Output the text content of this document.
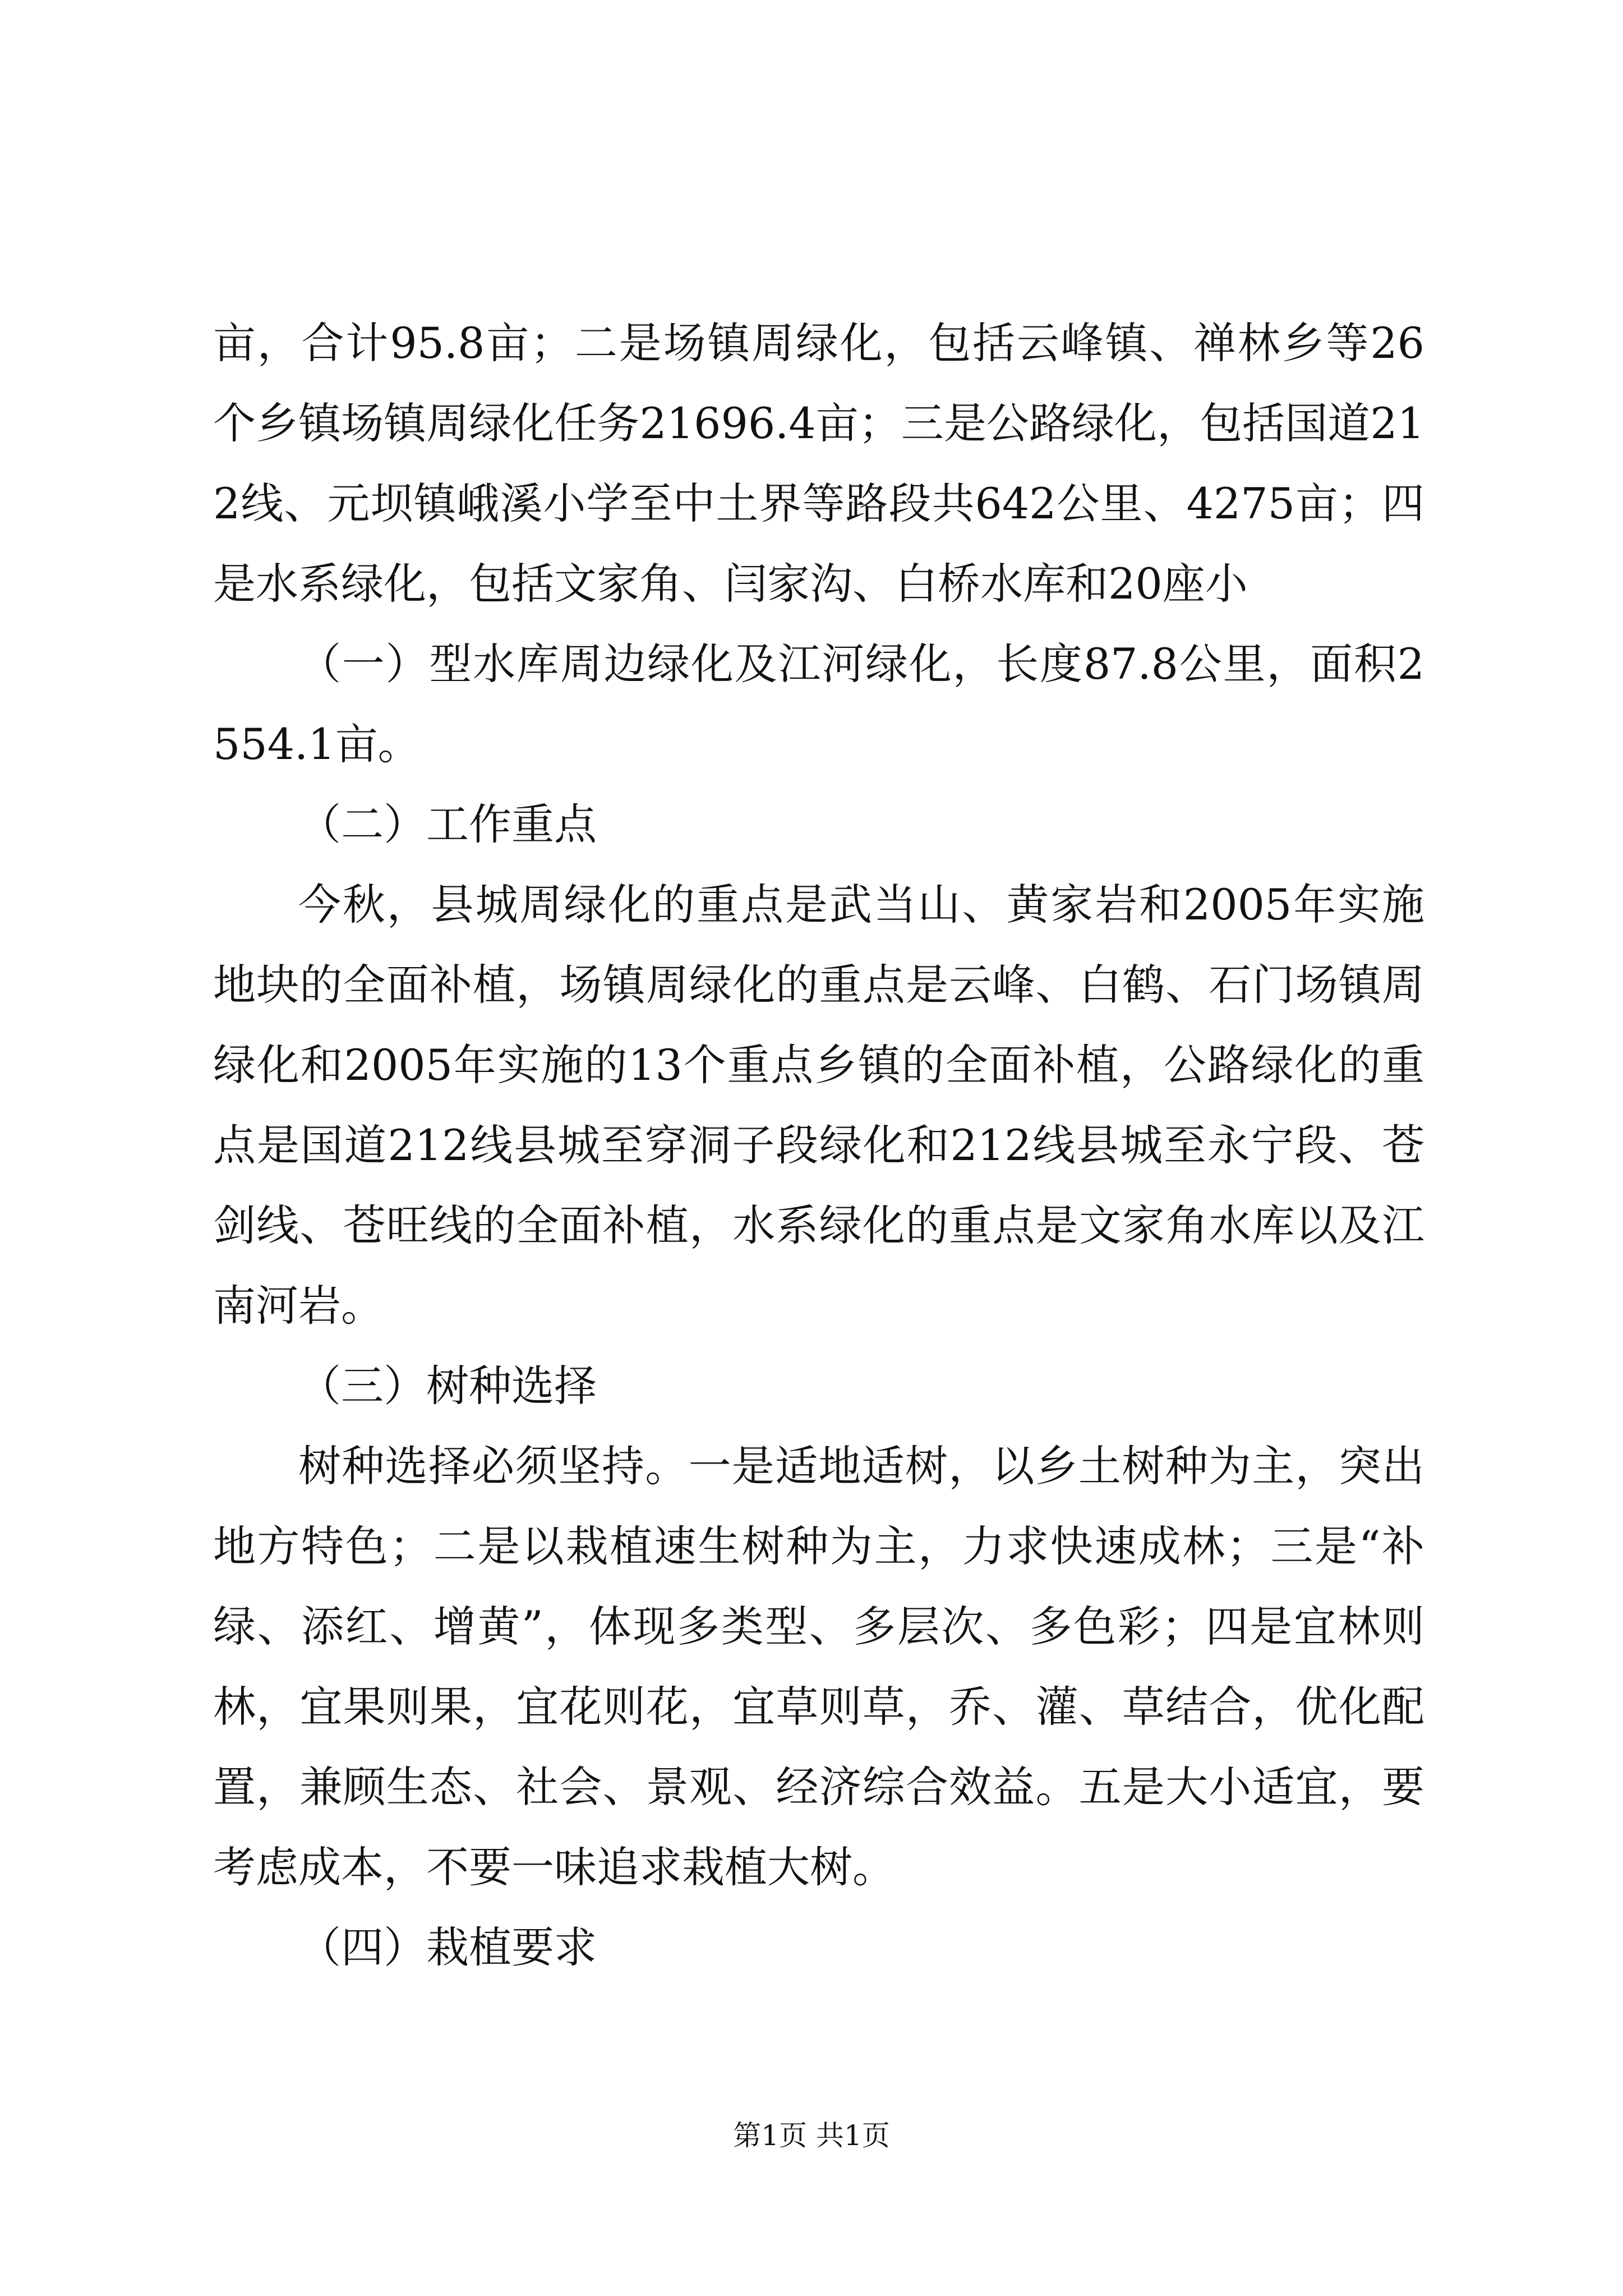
亩，合计95.8亩；二是场镇周绿化，包括云峰镇、禅林乡等26个乡镇场镇周绿化任务21696.4亩；三是公路绿化，包括国道212线、元坝镇峨溪小学至中土界等路段共642公里、4275亩；四是水系绿化，包括文家角、闫家沟、白桥水库和20座小

（一）型水库周边绿化及江河绿化，长度87.8公里，面积2554.1亩。

（二）工作重点

今秋，县城周绿化的重点是武当山、黄家岩和2005年实施地块的全面补植，场镇周绿化的重点是云峰、白鹤、石门场镇周绿化和2005年实施的13个重点乡镇的全面补植，公路绿化的重点是国道212线县城至穿洞子段绿化和212线县城至永宁段、苍剑线、苍旺线的全面补植，水系绿化的重点是文家角水库以及江南河岩。

（三）树种选择

树种选择必须坚持。一是适地适树，以乡土树种为主，突出地方特色；二是以栽植速生树种为主，力求快速成林；三是“补绿、添红、增黄”，体现多类型、多层次、多色彩；四是宜林则林，宜果则果，宜花则花，宜草则草，乔、灌、草结合，优化配置，兼顾生态、社会、景观、经济综合效益。五是大小适宜，要考虑成本，不要一味追求栽植大树。

（四）栽植要求

第1页 共1页
